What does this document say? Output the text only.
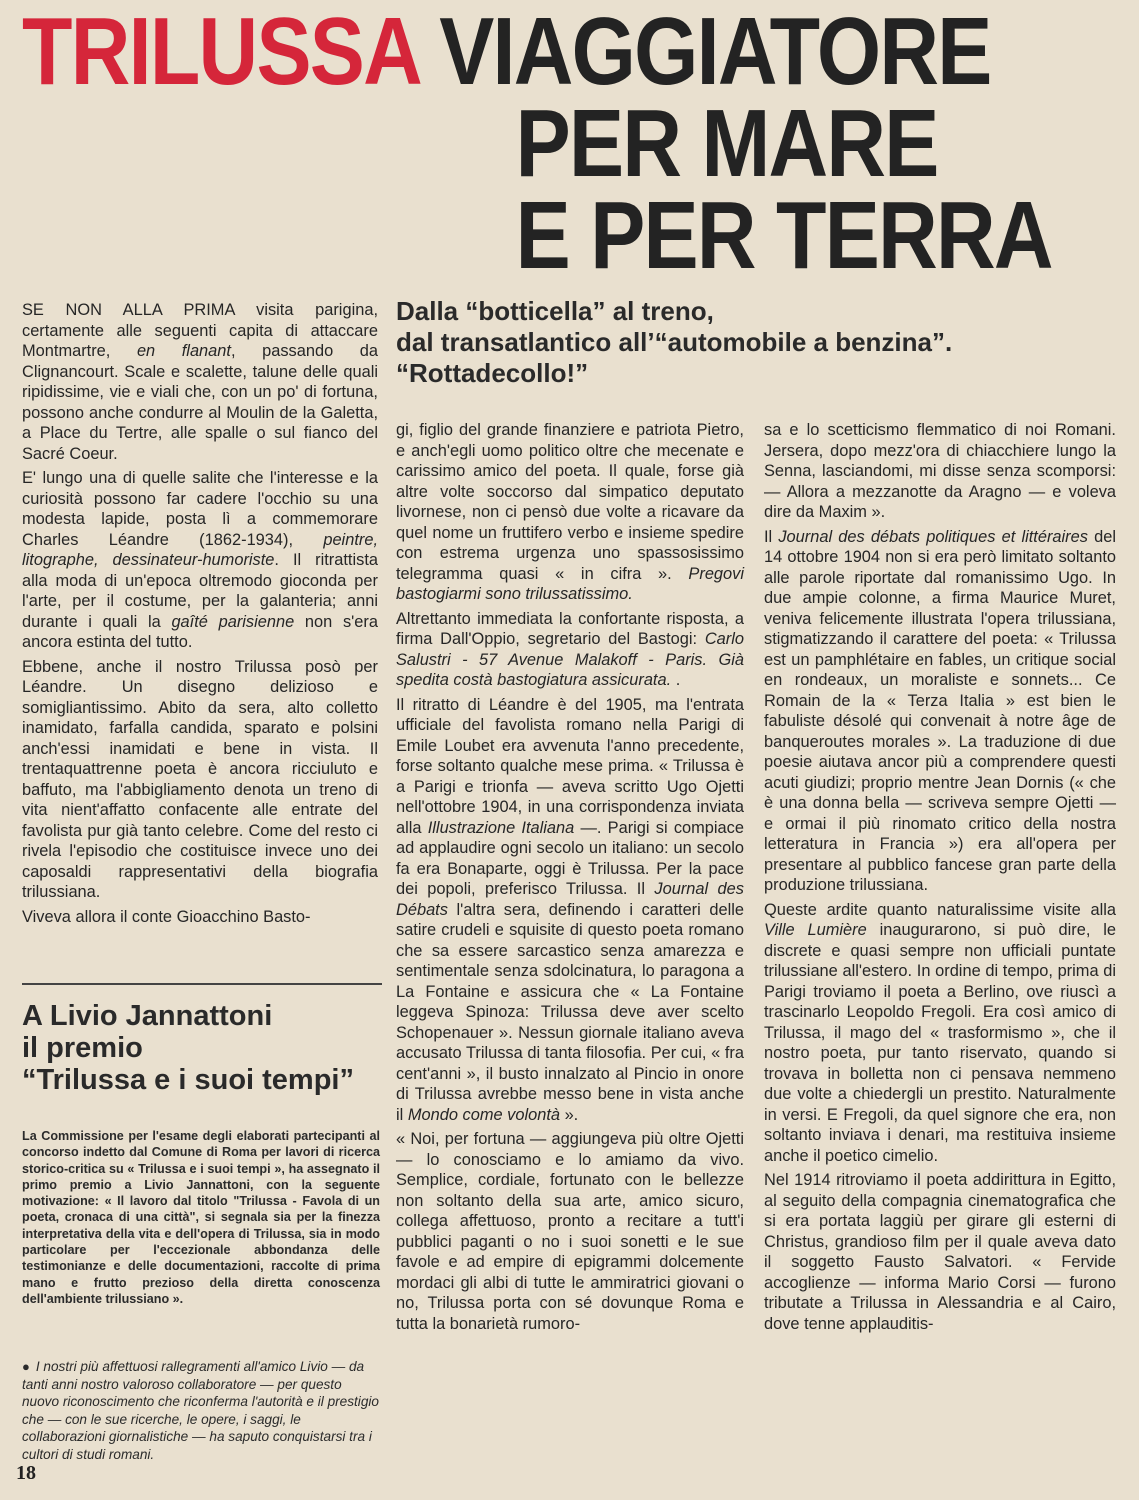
TRILUSSA VIAGGIATORE
PER MARE
E PER TERRA
Dalla “botticella” al treno,
dal transatlantico all’“automobile a benzina”.
“Rottadecollo!”

SE NON ALLA PRIMA visita parigina, certamente alle seguenti capita di attaccare Montmartre, en flanant, passando da Clignancourt. Scale e scalette, talune delle quali ripidissime, vie e viali che, con un po' di fortuna, possono anche condurre al Moulin de la Galetta, a Place du Tertre, alle spalle o sul fianco del Sacré Coeur.

E' lungo una di quelle salite che l'interesse e la curiosità possono far cadere l'occhio su una modesta lapide, posta lì a commemorare Charles Léandre (1862-1934), peintre, litographe, dessinateur-humoriste. Il ritrattista alla moda di un'epoca oltremodo gioconda per l'arte, per il costume, per la galanteria; anni durante i quali la gaîté parisienne non s'era ancora estinta del tutto.

Ebbene, anche il nostro Trilussa posò per Léandre. Un disegno delizioso e somigliantissimo. Abito da sera, alto colletto inamidato, farfalla candida, sparato e polsini anch'essi inamidati e bene in vista. Il trentaquattrenne poeta è ancora ricciuluto e baffuto, ma l'abbigliamento denota un treno di vita nient'affatto confacente alle entrate del favolista pur già tanto celebre. Come del resto ci rivela l'episodio che costituisce invece uno dei caposaldi rappresentativi della biografia trilussiana.

Viveva allora il conte Gioacchino Basto-

A Livio Jannattoni
il premio
“Trilussa e i suoi tempi”
La Commissione per l'esame degli elaborati partecipanti al concorso indetto dal Comune di Roma per lavori di ricerca storico-critica su « Trilussa e i suoi tempi », ha assegnato il primo premio a Livio Jannattoni, con la seguente motivazione: « Il lavoro dal titolo "Trilussa - Favola di un poeta, cronaca di una città", si segnala sia per la finezza interpretativa della vita e dell'opera di Trilussa, sia in modo particolare per l'eccezionale abbondanza delle testimonianze e delle documentazioni, raccolte di prima mano e frutto prezioso della diretta conoscenza dell'ambiente trilussiano ».
● I nostri più affettuosi rallegramenti all'amico Livio — da tanti anni nostro valoroso collaboratore — per questo nuovo riconoscimento che riconferma l'autorità e il prestigio che — con le sue ricerche, le opere, i saggi, le collaborazioni giornalistiche — ha saputo conquistarsi tra i cultori di studi romani.

gi, figlio del grande finanziere e patriota Pietro, e anch'egli uomo politico oltre che mecenate e carissimo amico del poeta. Il quale, forse già altre volte soccorso dal simpatico deputato livornese, non ci pensò due volte a ricavare da quel nome un fruttifero verbo e insieme spedire con estrema urgenza uno spassosissimo telegramma quasi « in cifra ». Pregovi bastogiarmi sono trilussatissimo.

Altrettanto immediata la confortante risposta, a firma Dall'Oppio, segretario del Bastogi: Carlo Salustri - 57 Avenue Malakoff - Paris. Già spedita costà bastogiatura assicurata. .

Il ritratto di Léandre è del 1905, ma l'entrata ufficiale del favolista romano nella Parigi di Emile Loubet era avvenuta l'anno precedente, forse soltanto qualche mese prima. « Trilussa è a Parigi e trionfa — aveva scritto Ugo Ojetti nell'ottobre 1904, in una corrispondenza inviata alla Illustrazione Italiana —. Parigi si compiace ad applaudire ogni secolo un italiano: un secolo fa era Bonaparte, oggi è Trilussa. Per la pace dei popoli, preferisco Trilussa. Il Journal des Débats l'altra sera, definendo i caratteri delle satire crudeli e squisite di questo poeta romano che sa essere sarcastico senza amarezza e sentimentale senza sdolcinatura, lo paragona a La Fontaine e assicura che « La Fontaine leggeva Spinoza: Trilussa deve aver scelto Schopenauer ». Nessun giornale italiano aveva accusato Trilussa di tanta filosofia. Per cui, « fra cent'anni », il busto innalzato al Pincio in onore di Trilussa avrebbe messo bene in vista anche il Mondo come volontà ».

« Noi, per fortuna — aggiungeva più oltre Ojetti — lo conosciamo e lo amiamo da vivo. Semplice, cordiale, fortunato con le bellezze non soltanto della sua arte, amico sicuro, collega affettuoso, pronto a recitare a tutt'i pubblici paganti o no i suoi sonetti e le sue favole e ad empire di epigrammi dolcemente mordaci gli albi di tutte le ammiratrici giovani o no, Trilussa porta con sé dovunque Roma e tutta la bonarietà rumoro-

sa e lo scetticismo flemmatico di noi Romani. Jersera, dopo mezz'ora di chiacchiere lungo la Senna, lasciandomi, mi disse senza scomporsi: — Allora a mezzanotte da Aragno — e voleva dire da Maxim ».

Il Journal des débats politiques et littéraires del 14 ottobre 1904 non si era però limitato soltanto alle parole riportate dal romanissimo Ugo. In due ampie colonne, a firma Maurice Muret, veniva felicemente illustrata l'opera trilussiana, stigmatizzando il carattere del poeta: « Trilussa est un pamphlétaire en fables, un critique social en rondeaux, un moraliste e sonnets... Ce Romain de la « Terza Italia » est bien le fabuliste désolé qui convenait à notre âge de banqueroutes morales ». La traduzione di due poesie aiutava ancor più a comprendere questi acuti giudizi; proprio mentre Jean Dornis (« che è una donna bella — scriveva sempre Ojetti — e ormai il più rinomato critico della nostra letteratura in Francia ») era all'opera per presentare al pubblico fancese gran parte della produzione trilussiana.

Queste ardite quanto naturalissime visite alla Ville Lumière inaugurarono, si può dire, le discrete e quasi sempre non ufficiali puntate trilussiane all'estero. In ordine di tempo, prima di Parigi troviamo il poeta a Berlino, ove riuscì a trascinarlo Leopoldo Fregoli. Era così amico di Trilussa, il mago del « trasformismo », che il nostro poeta, pur tanto riservato, quando si trovava in bolletta non ci pensava nemmeno due volte a chiedergli un prestito. Naturalmente in versi. E Fregoli, da quel signore che era, non soltanto inviava i denari, ma restituiva insieme anche il poetico cimelio.

Nel 1914 ritroviamo il poeta addirittura in Egitto, al seguito della compagnia cinematografica che si era portata laggiù per girare gli esterni di Christus, grandioso film per il quale aveva dato il soggetto Fausto Salvatori. « Fervide accoglienze — informa Mario Corsi — furono tributate a Trilussa in Alessandria e al Cairo, dove tenne applauditis-

18
